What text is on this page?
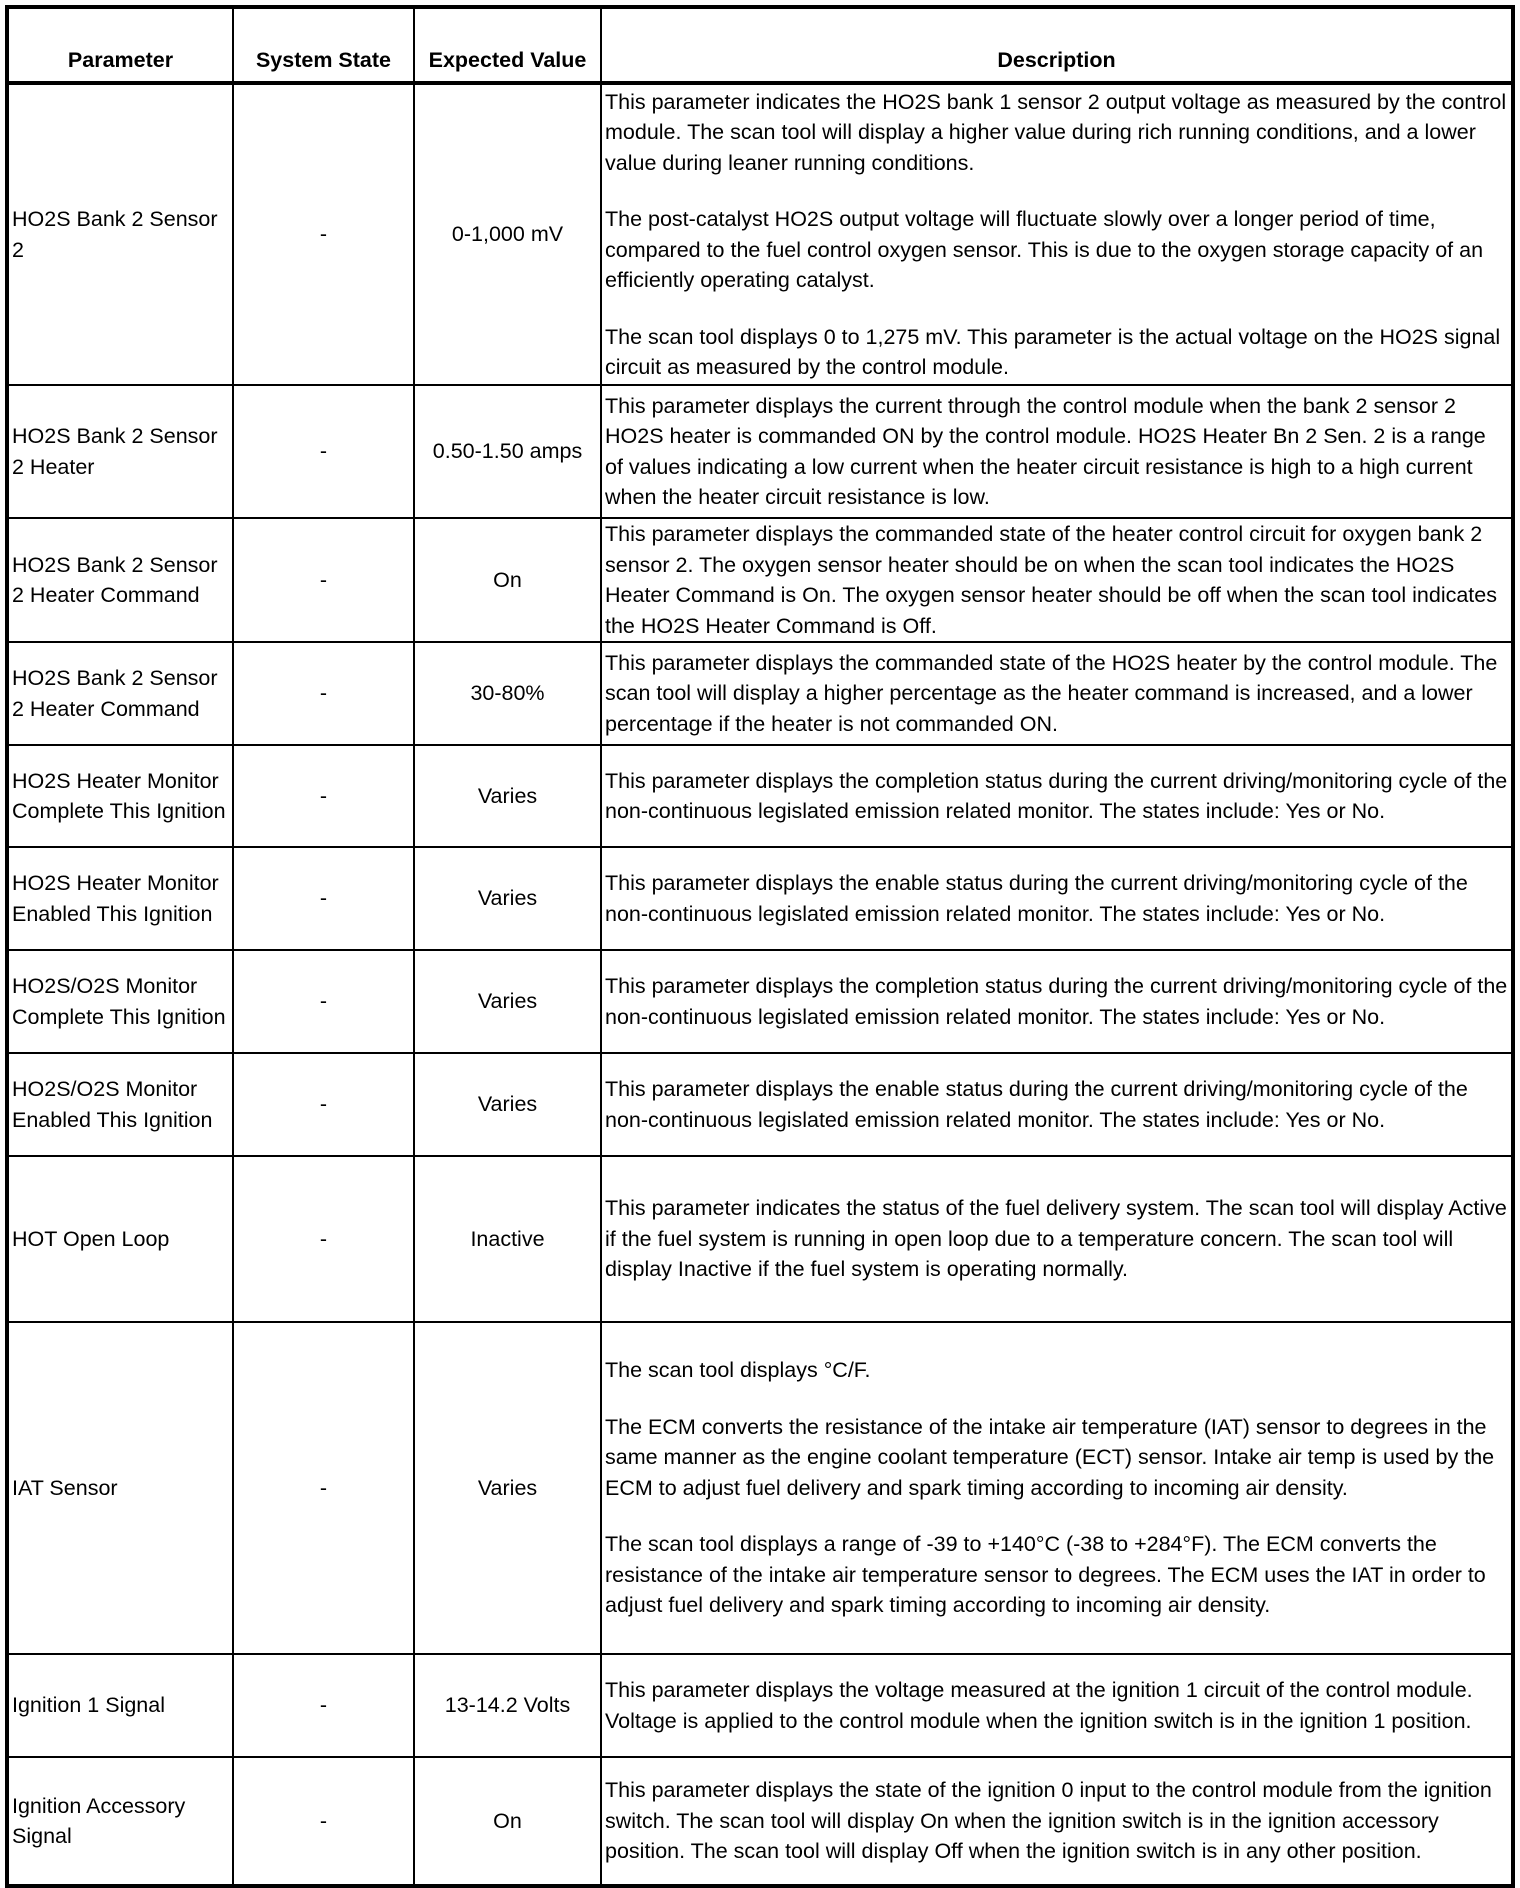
Parameter	System State	Expected Value	Description
HO2S Bank 2 Sensor 2	-	0-1,000 mV	This parameter indicates the HO2S bank 1 sensor 2 output voltage as measured by the control module. The scan tool will display a higher value during rich running conditions, and a lower value during leaner running conditions.

The post-catalyst HO2S output voltage will fluctuate slowly over a longer period of time, compared to the fuel control oxygen sensor. This is due to the oxygen storage capacity of an efficiently operating catalyst.

The scan tool displays 0 to 1,275 mV. This parameter is the actual voltage on the HO2S signal circuit as measured by the control module.

HO2S Bank 2 Sensor 2 Heater	-	0.50-1.50 amps	This parameter displays the current through the control module when the bank 2 sensor 2 HO2S heater is commanded ON by the control module. HO2S Heater Bn 2 Sen. 2 is a range of values indicating a low current when the heater circuit resistance is high to a high current when the heater circuit resistance is low.

HO2S Bank 2 Sensor 2 Heater Command	-	On	This parameter displays the commanded state of the heater control circuit for oxygen bank 2 sensor 2. The oxygen sensor heater should be on when the scan tool indicates the HO2S Heater Command is On. The oxygen sensor heater should be off when the scan tool indicates the HO2S Heater Command is Off.

HO2S Bank 2 Sensor 2 Heater Command	-	30-80%	This parameter displays the commanded state of the HO2S heater by the control module. The scan tool will display a higher percentage as the heater command is increased, and a lower percentage if the heater is not commanded ON.

HO2S Heater Monitor Complete This Ignition	-	Varies	This parameter displays the completion status during the current driving/monitoring cycle of the non-continuous legislated emission related monitor. The states include: Yes or No.

HO2S Heater Monitor Enabled This Ignition	-	Varies	This parameter displays the enable status during the current driving/monitoring cycle of the non-continuous legislated emission related monitor. The states include: Yes or No.

HO2S/O2S Monitor Complete This Ignition	-	Varies	This parameter displays the completion status during the current driving/monitoring cycle of the non-continuous legislated emission related monitor. The states include: Yes or No.

HO2S/O2S Monitor Enabled This Ignition	-	Varies	This parameter displays the enable status during the current driving/monitoring cycle of the non-continuous legislated emission related monitor. The states include: Yes or No.

HOT Open Loop	-	Inactive	This parameter indicates the status of the fuel delivery system. The scan tool will display Active if the fuel system is running in open loop due to a temperature concern. The scan tool will display Inactive if the fuel system is operating normally.

IAT Sensor	-	Varies	The scan tool displays °C/F.

The ECM converts the resistance of the intake air temperature (IAT) sensor to degrees in the same manner as the engine coolant temperature (ECT) sensor. Intake air temp is used by the ECM to adjust fuel delivery and spark timing according to incoming air density.

The scan tool displays a range of -39 to +140°C (-38 to +284°F). The ECM converts the resistance of the intake air temperature sensor to degrees. The ECM uses the IAT in order to adjust fuel delivery and spark timing according to incoming air density.

Ignition 1 Signal	-	13-14.2 Volts	This parameter displays the voltage measured at the ignition 1 circuit of the control module. Voltage is applied to the control module when the ignition switch is in the ignition 1 position.

Ignition Accessory Signal	-	On	This parameter displays the state of the ignition 0 input to the control module from the ignition switch. The scan tool will display On when the ignition switch is in the ignition accessory position. The scan tool will display Off when the ignition switch is in any other position.
